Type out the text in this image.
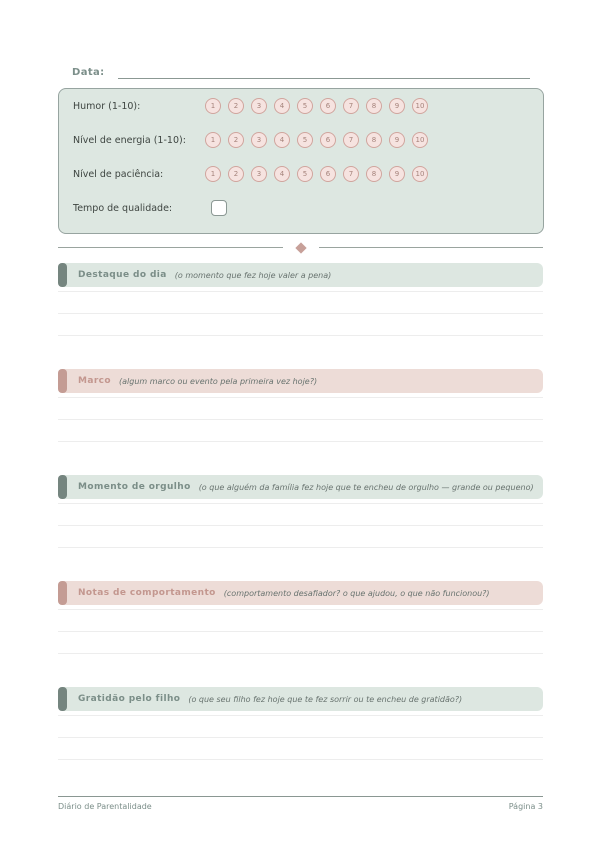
Data:
Humor (1-10):	1	2	3	4	5	6	7	8	9	10
Nível de energia (1-10):	1	2	3	4	5	6	7	8	9	10
Nível de paciência:	1	2	3	4	5	6	7	8	9	10
Tempo de qualidade:
Destaque do dia (o momento que fez hoje valer a pena)
Marco (algum marco ou evento pela primeira vez hoje?)
Momento de orgulho (o que alguém da família fez hoje que te encheu de orgulho — grande ou pequeno)
Notas de comportamento (comportamento desafiador? o que ajudou, o que não funcionou?)
Gratidão pelo filho (o que seu filho fez hoje que te fez sorrir ou te encheu de gratidão?)
Diário de Parentalidade	Página 3
